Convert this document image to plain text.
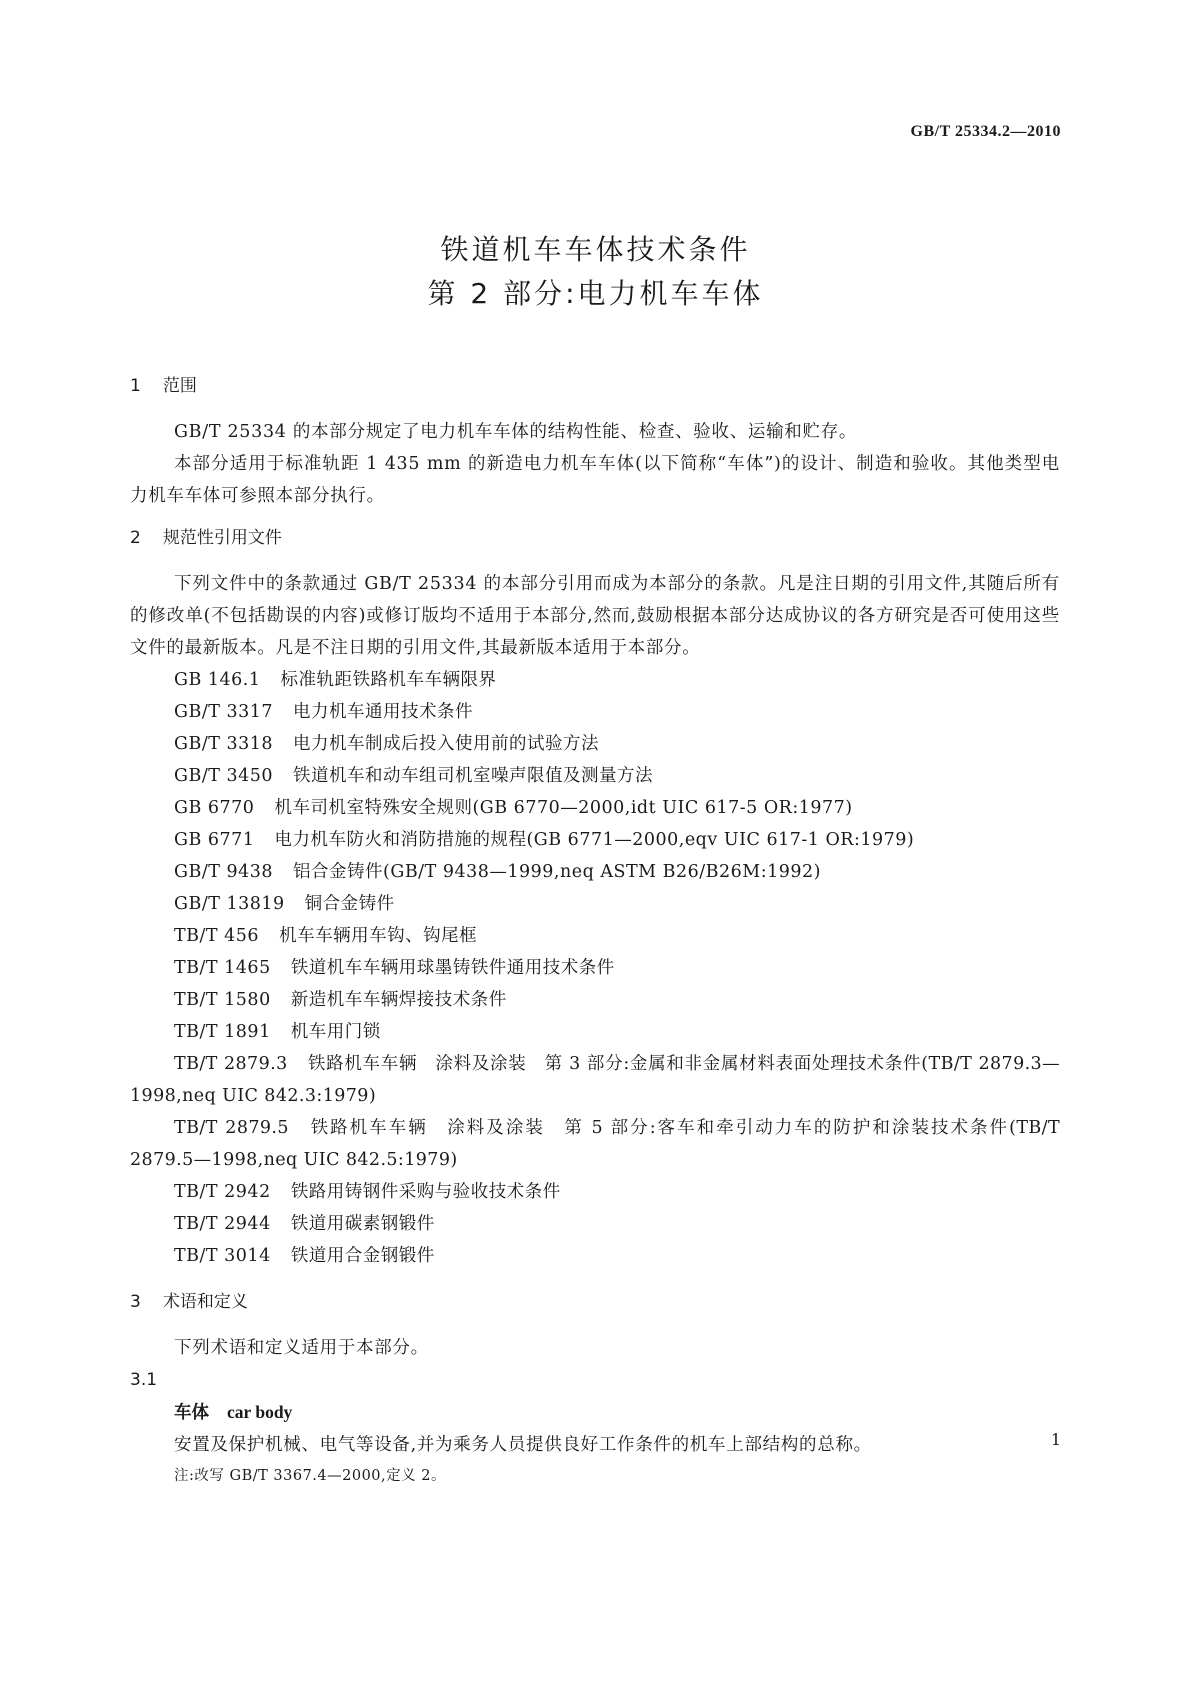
GB/T 25334.2—2010
铁道机车车体技术条件
第 2 部分:电力机车车体
1 范围

GB/T 25334 的本部分规定了电力机车车体的结构性能、检查、验收、运输和贮存。

本部分适用于标准轨距 1 435 mm 的新造电力机车车体(以下简称“车体”)的设计、制造和验收。其他类型电力机车车体可参照本部分执行。

2 规范性引用文件

下列文件中的条款通过 GB/T 25334 的本部分引用而成为本部分的条款。凡是注日期的引用文件,其随后所有的修改单(不包括勘误的内容)或修订版均不适用于本部分,然而,鼓励根据本部分达成协议的各方研究是否可使用这些文件的最新版本。凡是不注日期的引用文件,其最新版本适用于本部分。

GB 146.1 标准轨距铁路机车车辆限界

GB/T 3317 电力机车通用技术条件

GB/T 3318 电力机车制成后投入使用前的试验方法

GB/T 3450 铁道机车和动车组司机室噪声限值及测量方法

GB 6770 机车司机室特殊安全规则(GB 6770—2000,idt UIC 617-5 OR:1977)

GB 6771 电力机车防火和消防措施的规程(GB 6771—2000,eqv UIC 617-1 OR:1979)

GB/T 9438 铝合金铸件(GB/T 9438—1999,neq ASTM B26/B26M:1992)

GB/T 13819 铜合金铸件

TB/T 456 机车车辆用车钩、钩尾框

TB/T 1465 铁道机车车辆用球墨铸铁件通用技术条件

TB/T 1580 新造机车车辆焊接技术条件

TB/T 1891 机车用门锁

TB/T 2879.3 铁路机车车辆　涂料及涂装　第 3 部分:金属和非金属材料表面处理技术条件(TB/T 2879.3—1998,neq UIC 842.3:1979)

TB/T 2879.5 铁路机车车辆　涂料及涂装　第 5 部分:客车和牵引动力车的防护和涂装技术条件(TB/T 2879.5—1998,neq UIC 842.5:1979)

TB/T 2942 铁路用铸钢件采购与验收技术条件

TB/T 2944 铁道用碳素钢锻件

TB/T 3014 铁道用合金钢锻件

3 术语和定义

下列术语和定义适用于本部分。

3.1

车体 car body

安置及保护机械、电气等设备,并为乘务人员提供良好工作条件的机车上部结构的总称。

注:改写 GB/T 3367.4—2000,定义 2。

1
